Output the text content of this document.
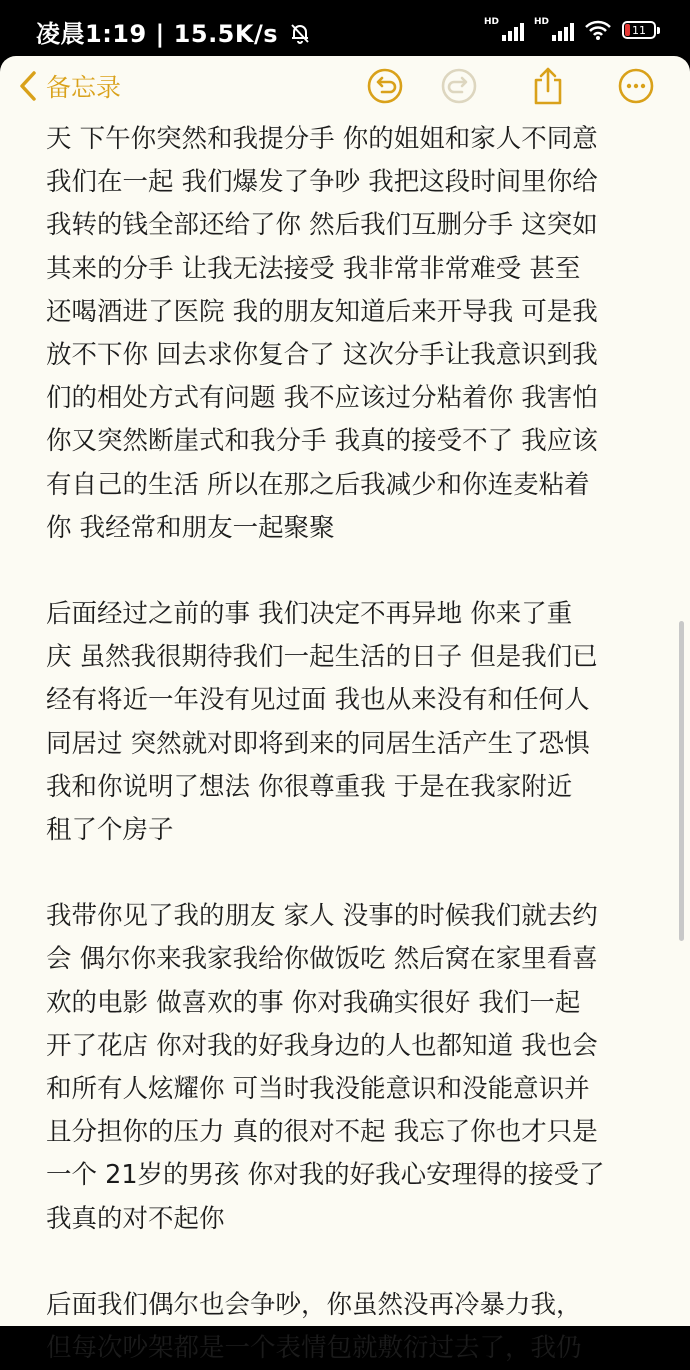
凌晨1:19 | 15.5K/s	HD	HD
11
备忘录

天 下午你突然和我提分手 你的姐姐和家人不同意
我们在一起 我们爆发了争吵 我把这段时间里你给
我转的钱全部还给了你 然后我们互删分手 这突如
其来的分手 让我无法接受 我非常非常难受 甚至
还喝酒进了医院 我的朋友知道后来开导我 可是我
放不下你 回去求你复合了 这次分手让我意识到我
们的相处方式有问题 我不应该过分粘着你 我害怕
你又突然断崖式和我分手 我真的接受不了 我应该
有自己的生活 所以在那之后我减少和你连麦粘着
你 我经常和朋友一起聚聚

后面经过之前的事 我们决定不再异地 你来了重
庆 虽然我很期待我们一起生活的日子 但是我们已
经有将近一年没有见过面 我也从来没有和任何人
同居过 突然就对即将到来的同居生活产生了恐惧
我和你说明了想法 你很尊重我 于是在我家附近
租了个房子

我带你见了我的朋友 家人 没事的时候我们就去约
会 偶尔你来我家我给你做饭吃 然后窝在家里看喜
欢的电影 做喜欢的事 你对我确实很好 我们一起
开了花店 你对我的好我身边的人也都知道 我也会
和所有人炫耀你 可当时我没能意识和没能意识并
且分担你的压力 真的很对不起 我忘了你也才只是
一个 21岁的男孩 你对我的好我心安理得的接受了
我真的对不起你

后面我们偶尔也会争吵，你虽然没再冷暴力我，
但每次吵架都是一个表情包就敷衍过去了，我仍
